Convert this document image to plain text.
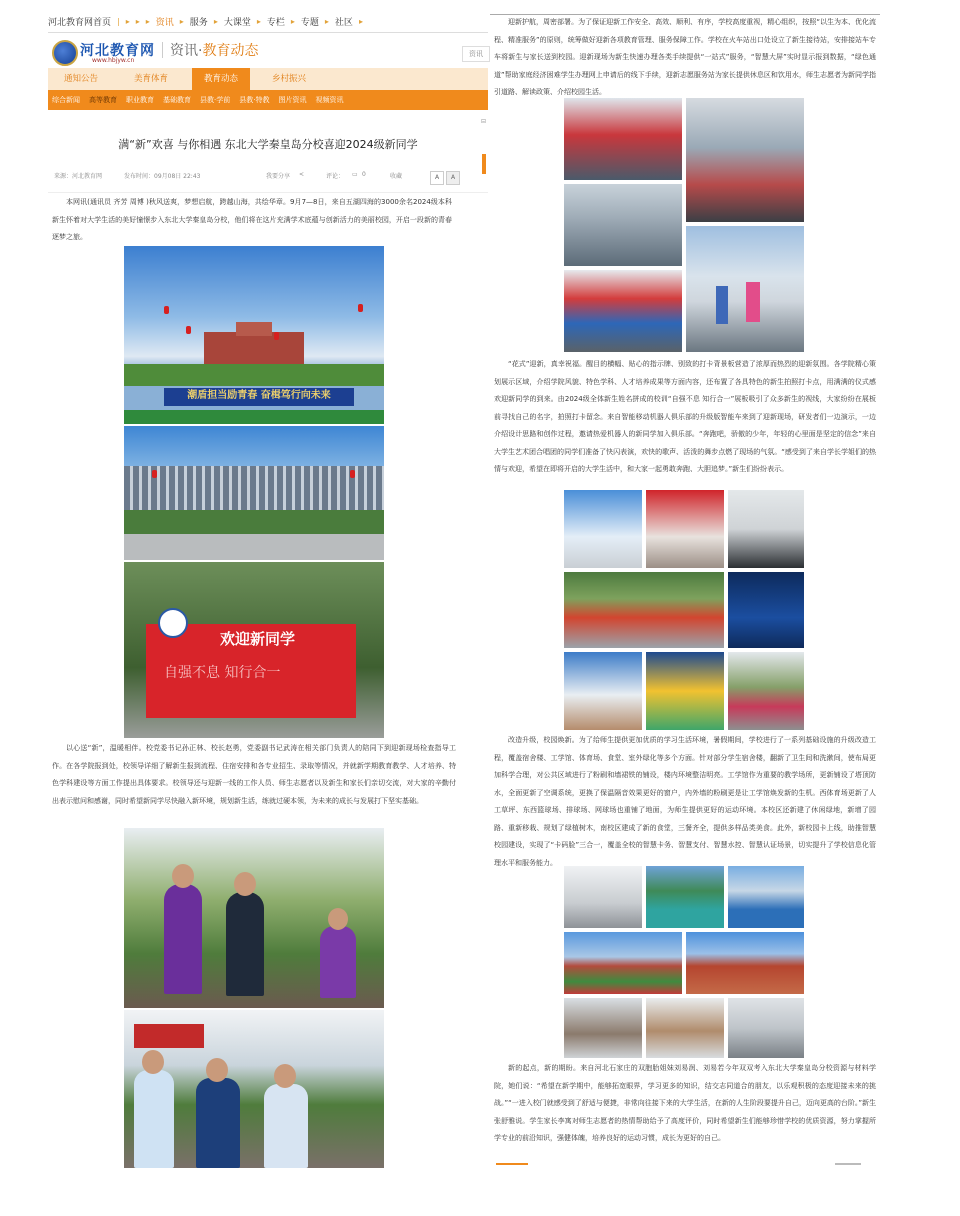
河北教育网首页 | ▸ ▸ ▸ 资讯 ▸ 服务 ▸ 大课堂 ▸ 专栏 ▸ 专题 ▸ 社区 ▸
河北教育网
www.hbjyw.cn
资讯·教育动态	资讯
通知公告	美育体育	教育动态	乡村振兴
综合新闻 高等教育 职业教育 基础教育 县教·学前 县教·特教 图片资讯 视频资讯
满“新”欢喜 与你相遇 东北大学秦皇岛分校喜迎2024级新同学
来源：河北教育网	发布时间：09月08日 22:43	我要分享 <	评论： ▭ 0	收藏	A	A

本网讯(通讯员 齐芳 周博 )秋风送爽，梦想启航，跨越山海，共绘华章。9月7—8日，来自五湖四海的3000余名2024级本科新生怀着对大学生活的美好憧憬步入东北大学秦皇岛分校，他们将在这片充满学术底蕴与创新活力的美丽校园，开启一段新的青春逐梦之旅。

潮盾担当励青春 奋楫笃行向未来
欢迎新同学
自强不息 知行合一

以心送“新”，温暖相伴。校党委书记孙正林、校长赵勇，党委副书记武涛在相关部门负责人的陪同下到迎新现场检查指导工作。在各学院报到处，校领导详细了解新生报到流程、住宿安排和各专业招生、录取等情况，并就新学期教育教学、人才培养、特色学科建设等方面工作提出具体要求。校领导还与迎新一线的工作人员、师生志愿者以及新生和家长们亲切交流，对大家的辛勤付出表示慰问和感谢，同时希望新同学尽快融入新环境，规划新生活，练就过硬本领，为未来的成长与发展打下坚实基础。

⊟

迎新护航，周密部署。为了保证迎新工作安全、高效、顺利、有序，学校高度重视，精心组织，按照“以生为本、优化流程、精准服务”的原则，统筹做好迎新各项教育管理、服务保障工作。学校在火车站出口处设立了新生接待站，安排接站车专车将新生与家长送到校园。迎新现场为新生快速办理各类手续提供“一站式”服务，“智慧大屏”实时显示报到数据，“绿色通道”帮助家庭经济困难学生办理网上申请后的线下手续，迎新志愿服务站为家长提供休息区和饮用水，师生志愿者为新同学指引道路、解读政策、介绍校园生活。

“花式”迎新，真幸祝福。醒目的横幅、贴心的指示牌、别致的打卡背景板营造了浓厚而热烈的迎新氛围。各学院精心策划展示区域，介绍学院风貌、特色学科、人才培养成果等方面内容，还布置了各具特色的新生拍照打卡点，用满满的仪式感欢迎新同学的到来。由2024级全体新生姓名拼成的校训“自强不息 知行合一”展板吸引了众多新生的视线，大家纷纷在展板前寻找自己的名字，拍照打卡留念。来自智能移动机器人俱乐部的升级版智能车来到了迎新现场，研发者们一边演示，一边介绍设计思路和创作过程，邀请热爱机器人的新同学加入俱乐部。“奔跑吧，骄傲的少年，年轻的心里面是坚定的信念”来自大学生艺术团合唱团的同学们准备了快闪表演，欢快的歌声、活泼的舞步点燃了现场的气氛。“感受到了来自学长学姐们的热情与欢迎，希望在即将开启的大学生活中，和大家一起勇敢奔跑、大胆追梦。”新生们纷纷表示。

改造升级，校园焕新。为了给师生提供更加优质的学习生活环境，暑假期间，学校进行了一系列基础设施的升级改造工程，覆盖宿舍楼、工学馆、体育场、食堂、室外绿化等多个方面。针对部分学生宿舍楼，翻新了卫生间和洗漱间，使布局更加科学合理，对公共区域进行了粉刷和墙裙铁的铺设，楼内环境整洁明亮。工学馆作为重要的教学场所，更新铺设了塔顶防水，全面更新了空调系统，更换了保温隔音效果更好的窗户，内外墙的粉刷更是让工学馆焕发新的生机。西体育场更新了人工草坪、东西篮球场、排球场、网球场也重铺了地面，为师生提供更好的运动环境。本校区还新建了休闲绿地，新增了园路、重新移栽、规划了绿植树木，南校区建成了新的食堂，三餐齐全，提供多样品类美食。此外，新校园卡上线，助推智慧校园建设，实现了“卡码脸”三合一，覆盖全校的智慧卡务、智慧支付、智慧水控、智慧认证场景，切实提升了学校信息化管理水平和服务能力。

新的起点，新的期盼。来自河北石家庄的双胞胎姐妹刘易润、刘易若今年双双考入东北大学秦皇岛分校资源与材料学院，她们说：“希望在新学期中，能够拓宽眼界，学习更多的知识，结交志同道合的朋友，以乐观积极的态度迎接未来的挑战。”“一进入校门就感受到了舒适与便捷，非常向往接下来的大学生活，在新的人生阶段要提升自己，迈向更高的台阶。”新生张舒雅说。学生家长李寓对师生志愿者的热情帮助给予了高度评价，同时希望新生们能够珍惜学校的优质资源，努力掌握所学专业的前沿知识，强健体魄，培养良好的运动习惯，成长为更好的自己。
